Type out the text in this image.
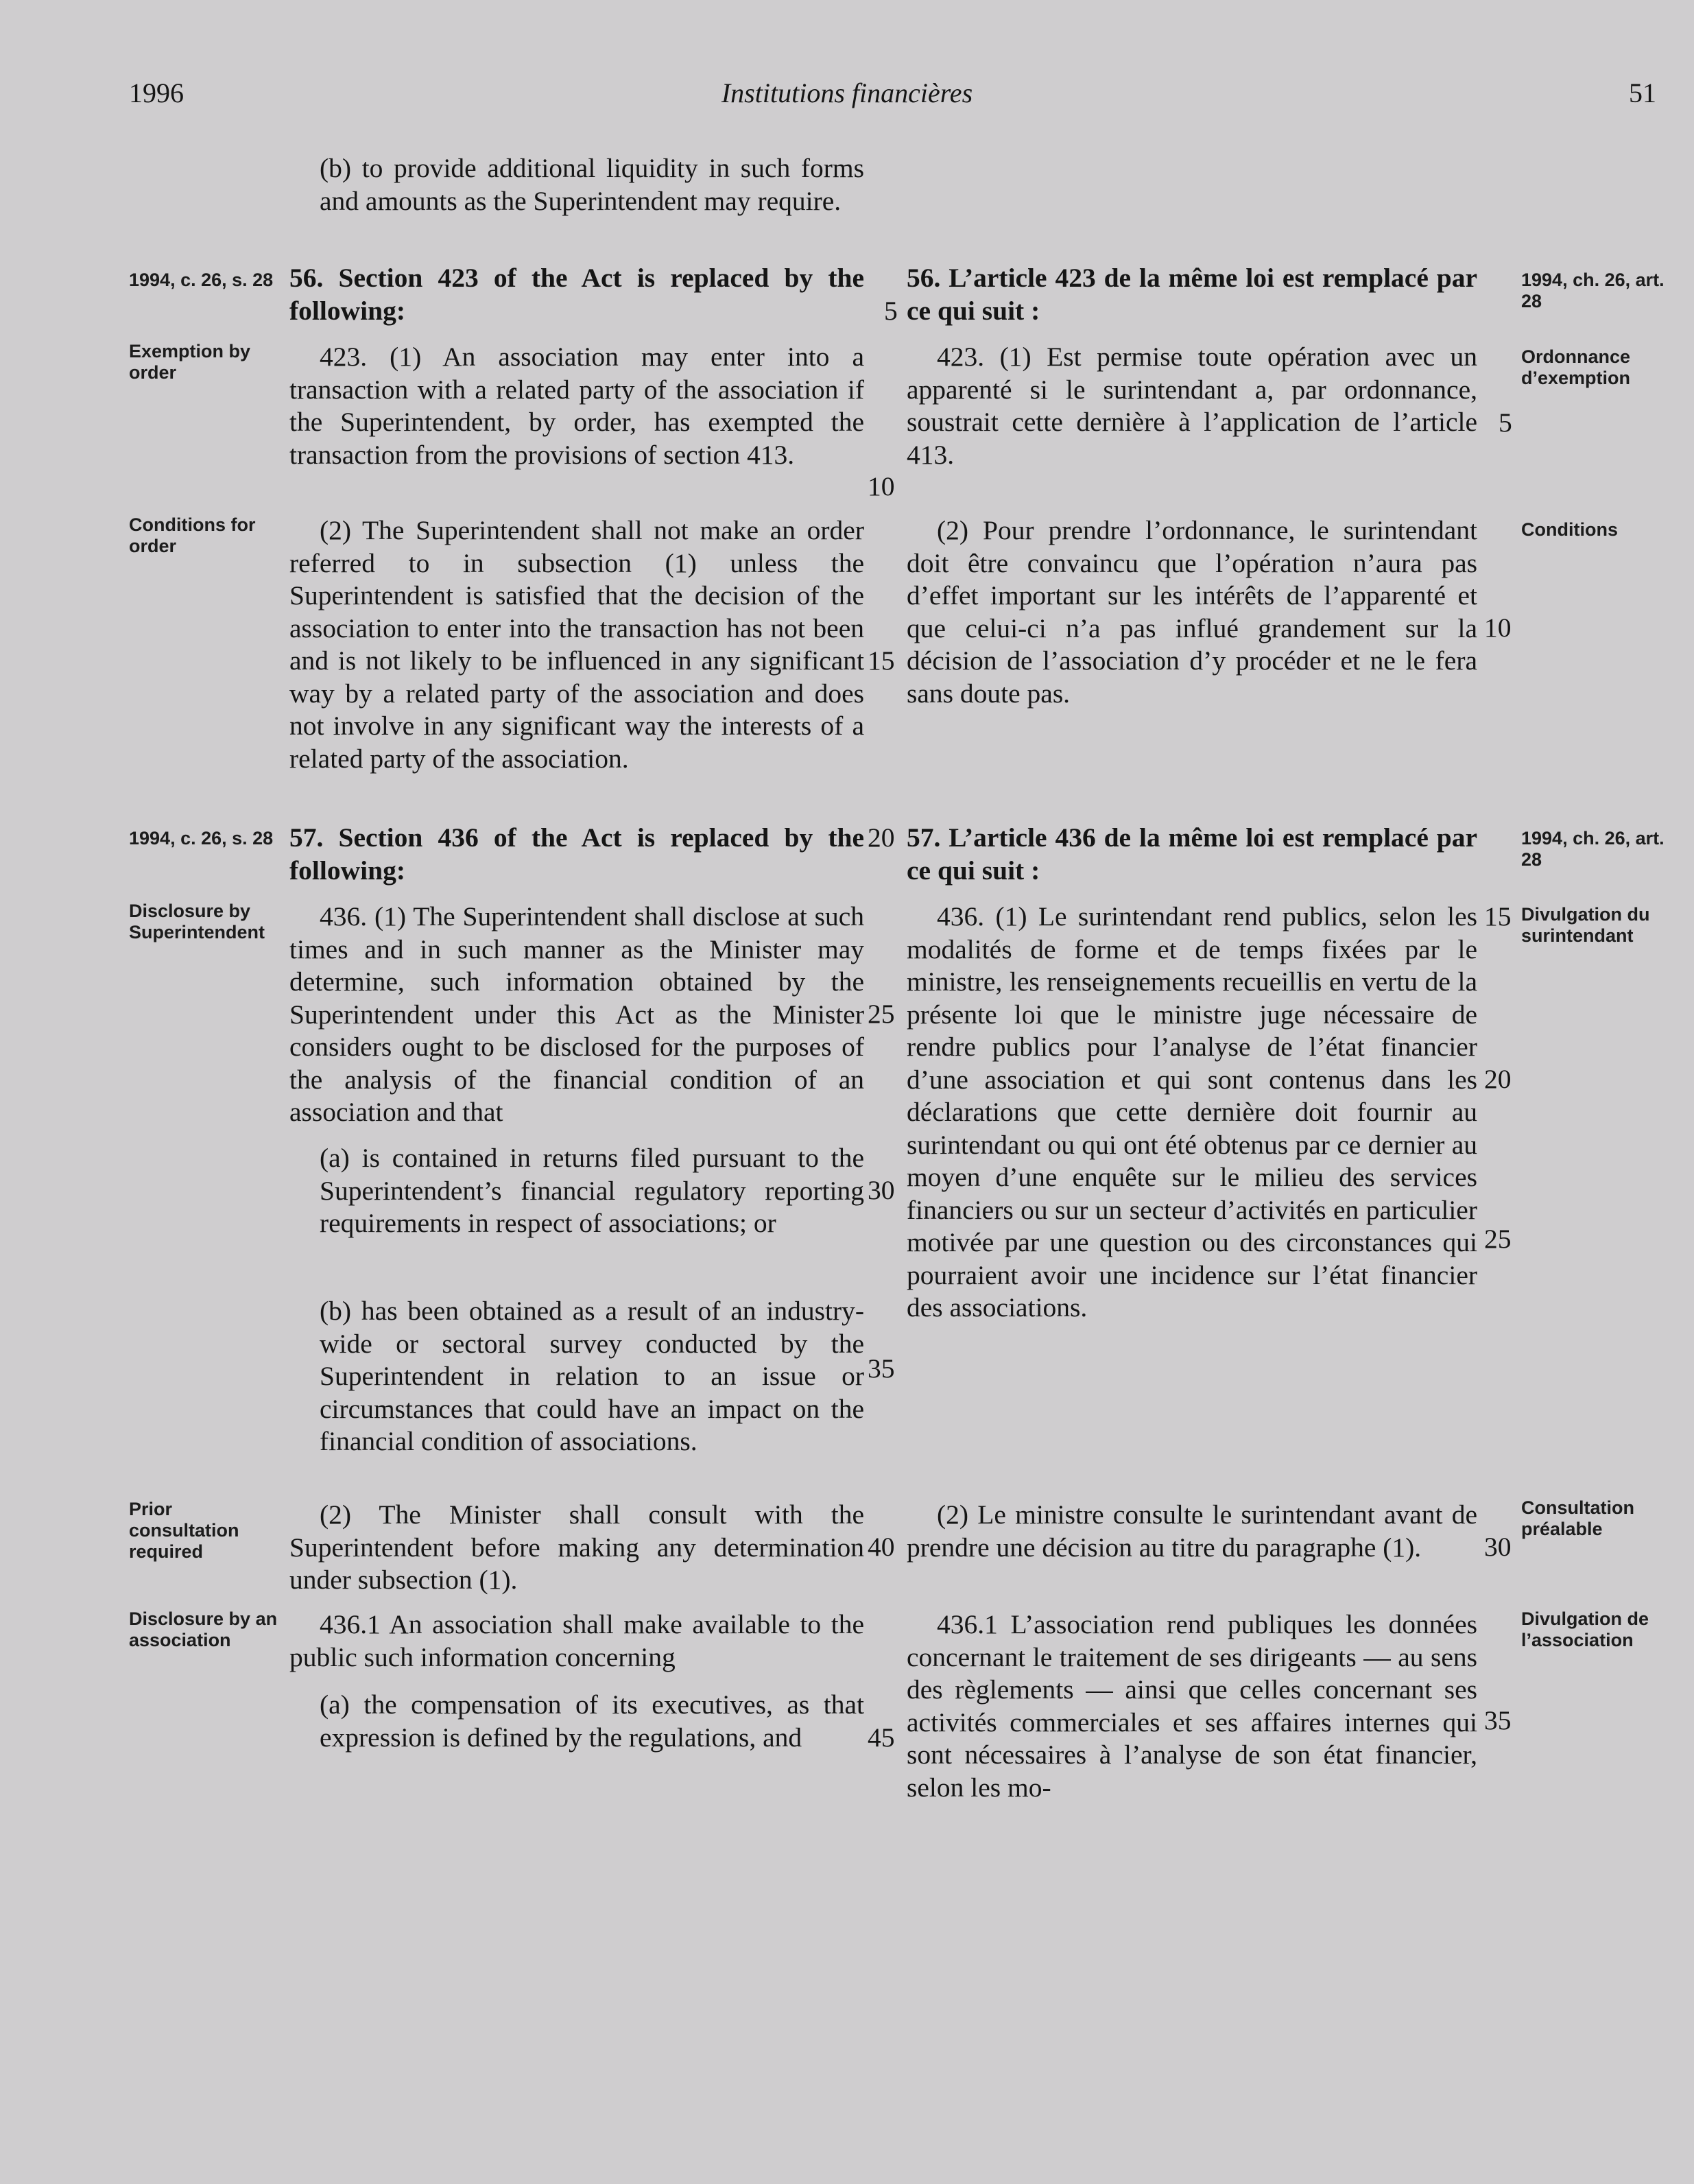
1996	Institutions financières	51

(b) to provide additional liquidity in such forms and amounts as the Superintendent may require.

56. Section 423 of the Act is replaced by the following:
423. (1) An association may enter into a transaction with a related party of the association if the Superintendent, by order, has exempted the transaction from the provisions of section 413.
(2) The Superintendent shall not make an order referred to in subsection (1) unless the Superintendent is satisfied that the decision of the association to enter into the transaction has not been and is not likely to be influenced in any significant way by a related party of the association and does not involve in any significant way the interests of a related party of the association.
57. Section 436 of the Act is replaced by the following:
436. (1) The Superintendent shall disclose at such times and in such manner as the Minister may determine, such information obtained by the Superintendent under this Act as the Minister considers ought to be disclosed for the purposes of the analysis of the financial condition of an association and that
(a) is contained in returns filed pursuant to the Superintendent’s financial regulatory reporting requirements in respect of associations; or
(b) has been obtained as a result of an industry-wide or sectoral survey conducted by the Superintendent in relation to an issue or circumstances that could have an impact on the financial condition of associations.
(2) The Minister shall consult with the Superintendent before making any determination under subsection (1).
436.1 An association shall make available to the public such information concerning
(a) the compensation of its executives, as that expression is defined by the regulations, and
56. L’article 423 de la même loi est remplacé par ce qui suit :
423. (1) Est permise toute opération avec un apparenté si le surintendant a, par ordonnance, soustrait cette dernière à l’application de l’article 413.
(2) Pour prendre l’ordonnance, le surintendant doit être convaincu que l’opération n’aura pas d’effet important sur les intérêts de l’apparenté et que celui-ci n’a pas influé grandement sur la décision de l’association d’y procéder et ne le fera sans doute pas.
57. L’article 436 de la même loi est remplacé par ce qui suit :
436. (1) Le surintendant rend publics, selon les modalités de forme et de temps fixées par le ministre, les renseignements recueillis en vertu de la présente loi que le ministre juge nécessaire de rendre publics pour l’analyse de l’état financier d’une association et qui sont contenus dans les déclarations que cette dernière doit fournir au surintendant ou qui ont été obtenus par ce dernier au moyen d’une enquête sur le milieu des services financiers ou sur un secteur d’activités en particulier motivée par une question ou des circonstances qui pourraient avoir une incidence sur l’état financier des associations.
(2) Le ministre consulte le surintendant avant de prendre une décision au titre du paragraphe (1).
436.1 L’association rend publiques les données concernant le traitement de ses dirigeants — au sens des règlements — ainsi que celles concernant ses activités commerciales et ses affaires internes qui sont nécessaires à l’analyse de son état financier, selon les mo-
1994, c. 26, s. 28
Exemption by order
Conditions for order
1994, c. 26, s. 28
Disclosure by Superintendent
Prior consultation required
Disclosure by an association
1994, ch. 26, art. 28
Ordonnance d’exemption
Conditions
1994, ch. 26, art. 28
Divulgation du surintendant
Consultation préalable
Divulgation de l’association
10
15
20
25
30
35
40
45
5
5
10
15
20
25
30
35
